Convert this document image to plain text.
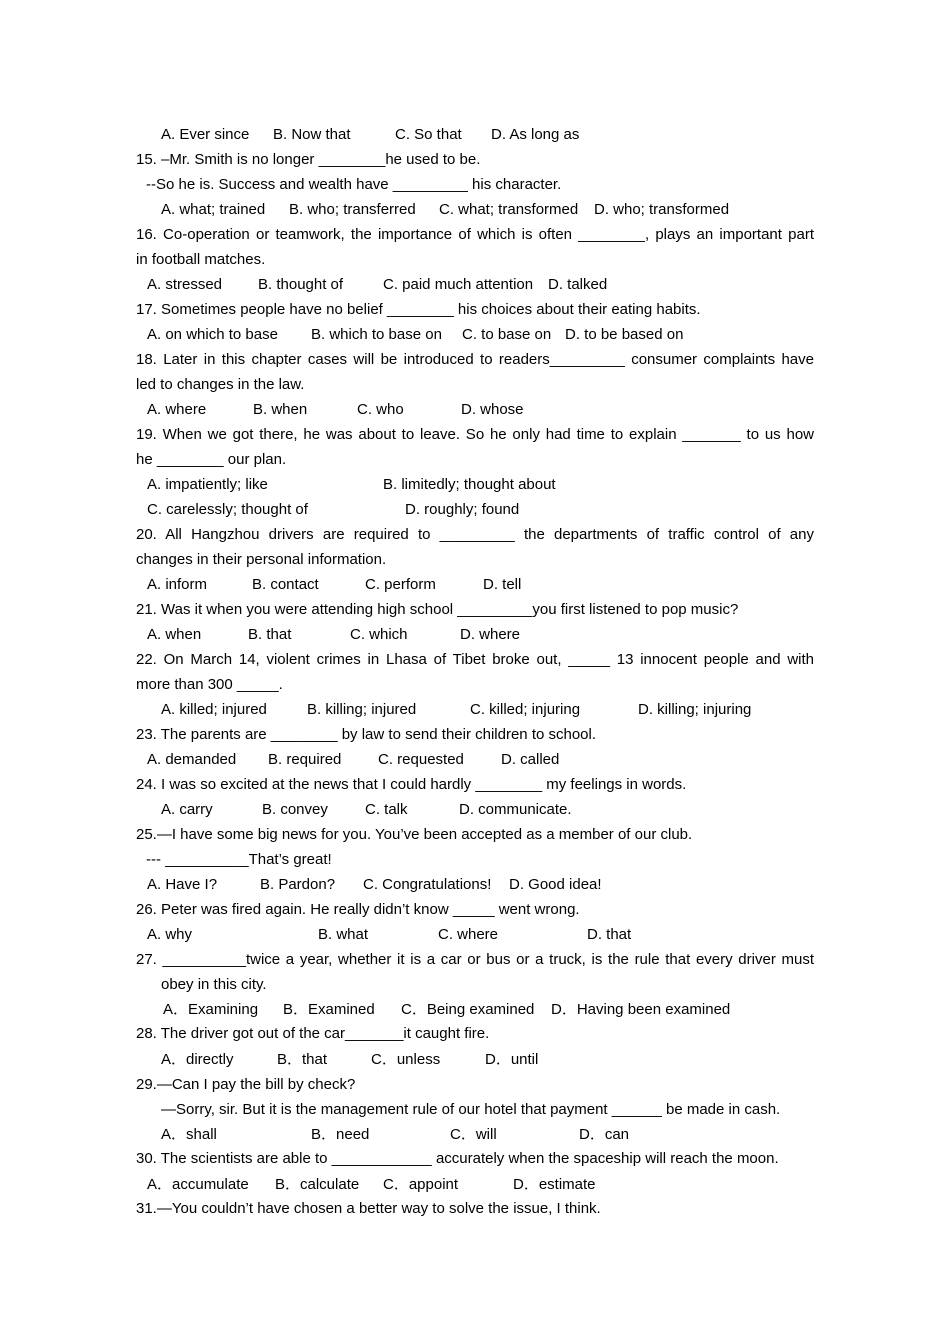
A. Ever since B. Now that	C. So that D. As long as
15. –Mr. Smith is no longer ________he used to be.
--So he is. Success and wealth have _________ his character.
A. what; trained B. who; transferred C. what; transformed D. who; transformed
16. Co-operation or teamwork, the importance of which is often ________, plays an important part
in football matches.
A. stressed B. thought of	C. paid much attention D. talked
17. Sometimes people have no belief ________ his choices about their eating habits.
A. on which to base B. which to base on C. to base on D. to be based on
18. Later in this chapter cases will be introduced to readers_________ consumer complaints have
led to changes in the law.
A. where	B. when	C. who	D. whose
19. When we got there, he was about to leave. So he only had time to explain _______ to us how
he ________ our plan.
A. impatiently; like	B. limitedly; thought about
C. carelessly; thought of	D. roughly; found
20. All Hangzhou drivers are required to _________ the departments of traffic control of any
changes in their personal information.
A. inform	B. contact	C. perform	D. tell
21. Was it when you were attending high school _________you first listened to pop music?
A. when	B. that	C. which	D. where
22. On March 14, violent crimes in Lhasa of Tibet broke out, _____ 13 innocent people and with
more than 300 _____.
A. killed; injured	B. killing; injured	C. killed; injuring	D. killing; injuring
23. The parents are ________ by law to send their children to school.
A. demanded B. required C. requested D. called
24. I was so excited at the news that I could hardly ________ my feelings in words.
A. carry	B. convey C. talk	D. communicate.
25.—I have some big news for you. You’ve been accepted as a member of our club.
--- __________That’s great!
A. Have I?	B. Pardon? C. Congratulations! D. Good idea!
26. Peter was fired again. He really didn’t know _____ went wrong.
A. why	B. what	C. where	D. that
27. __________twice a year, whether it is a car or bus or a truck, is the rule that every driver must
obey in this city.
A．Examining B．Examined C．Being examined D．Having been examined
28. The driver got out of the car_______it caught fire.
A．directly	B．that	C．unless	D．until
29.—Can I pay the bill by check?
—Sorry, sir. But it is the management rule of our hotel that payment ______ be made in cash.
A．shall	B．need	C．will	D．can
30. The scientists are able to ____________ accurately when the spaceship will reach the moon.
A．accumulate B．calculate C．appoint	D．estimate
31.—You couldn’t have chosen a better way to solve the issue, I think.
